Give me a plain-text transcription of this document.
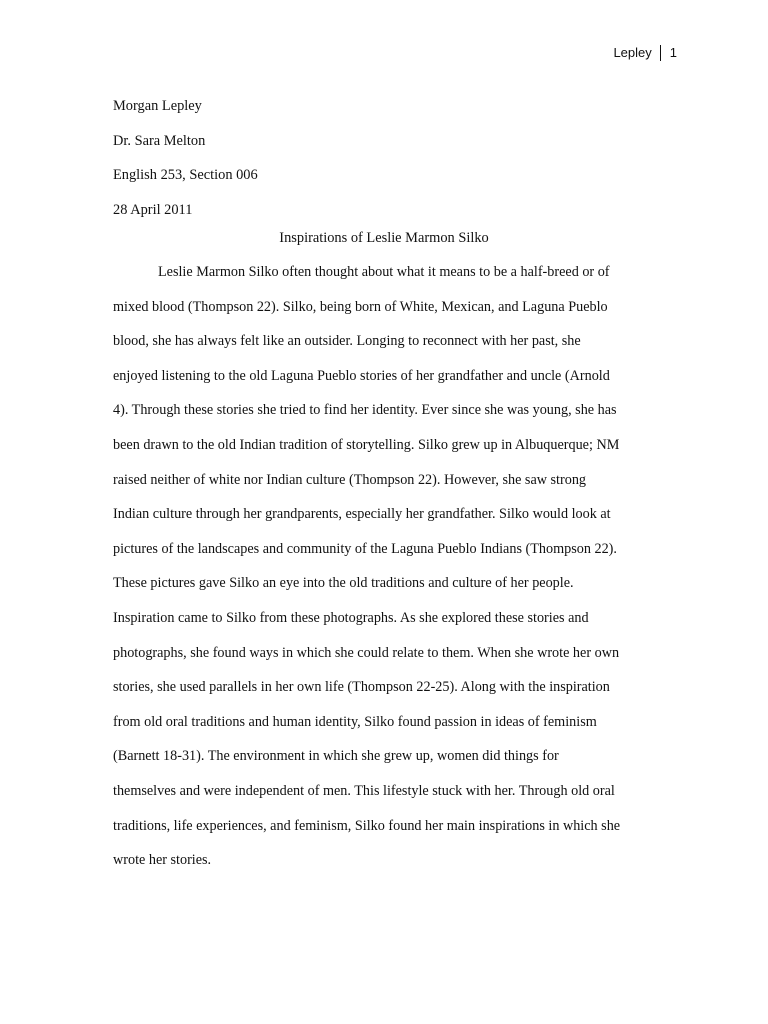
Lepley 1
Morgan Lepley
Dr. Sara Melton
English 253, Section 006
28 April 2011
Inspirations of Leslie Marmon Silko
Leslie Marmon Silko often thought about what it means to be a half-breed or of
mixed blood (Thompson 22). Silko, being born of White, Mexican, and Laguna Pueblo
blood, she has always felt like an outsider. Longing to reconnect with her past, she
enjoyed listening to the old Laguna Pueblo stories of her grandfather and uncle (Arnold
4). Through these stories she tried to find her identity. Ever since she was young, she has
been drawn to the old Indian tradition of storytelling. Silko grew up in Albuquerque; NM
raised neither of white nor Indian culture (Thompson 22). However, she saw strong
Indian culture through her grandparents, especially her grandfather. Silko would look at
pictures of the landscapes and community of the Laguna Pueblo Indians (Thompson 22).
These pictures gave Silko an eye into the old traditions and culture of her people.
Inspiration came to Silko from these photographs. As she explored these stories and
photographs, she found ways in which she could relate to them. When she wrote her own
stories, she used parallels in her own life (Thompson 22-25). Along with the inspiration
from old oral traditions and human identity, Silko found passion in ideas of feminism
(Barnett 18-31). The environment in which she grew up, women did things for
themselves and were independent of men. This lifestyle stuck with her. Through old oral
traditions, life experiences, and feminism, Silko found her main inspirations in which she
wrote her stories.
